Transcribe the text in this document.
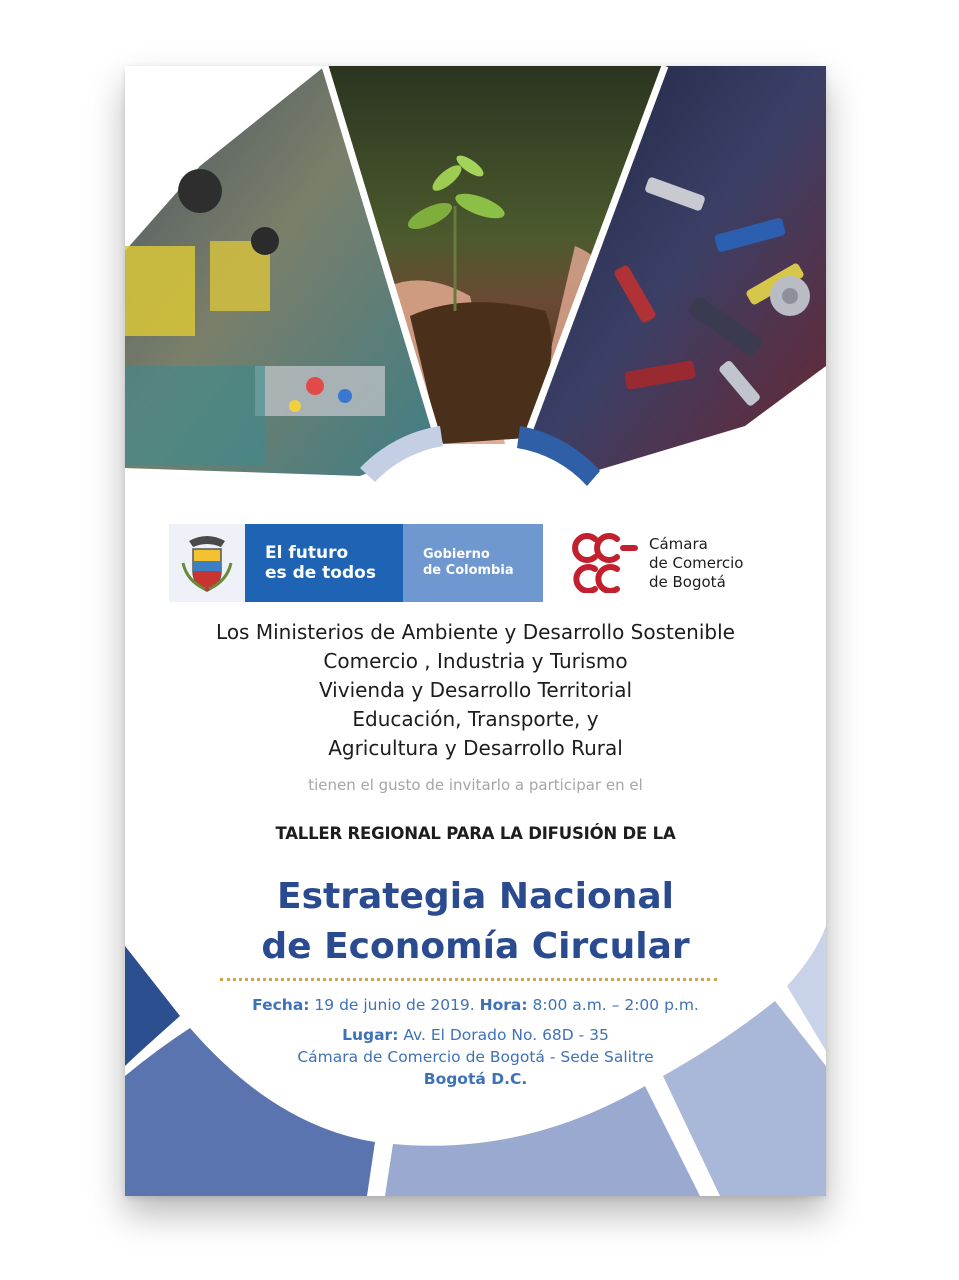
El futuro
es de todos
Gobierno
de Colombia
Cámara
de Comercio
de Bogotá
Los Ministerios de Ambiente y Desarrollo Sostenible
Comercio , Industria y Turismo
Vivienda y Desarrollo Territorial
Educación, Transporte, y
Agricultura y Desarrollo Rural
tienen el gusto de invitarlo a participar en el
TALLER REGIONAL PARA LA DIFUSIÓN DE LA
Estrategia Nacional
de Economía Circular
Fecha: 19 de junio de 2019. Hora: 8:00 a.m. – 2:00 p.m.
Lugar: Av. El Dorado No. 68D - 35
Cámara de Comercio de Bogotá - Sede Salitre
Bogotá D.C.
